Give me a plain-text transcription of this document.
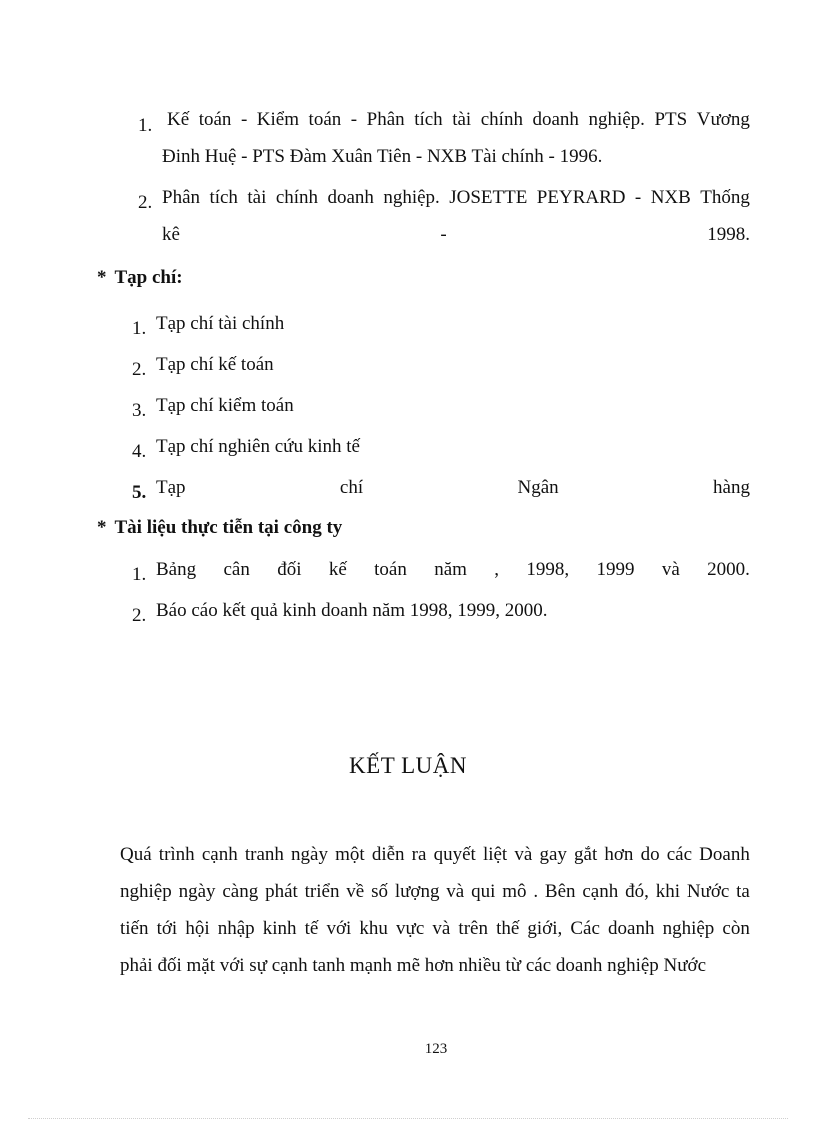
1. Kế toán - Kiểm toán - Phân tích tài chính doanh nghiệp. PTS Vương
Đinh Huệ - PTS Đàm Xuân Tiên - NXB Tài chính - 1996.
2. Phân tích tài chính doanh nghiệp. JOSETTE PEYRARD - NXB Thống
kê	-	1998.
* Tạp chí:
1. Tạp chí tài chính
2. Tạp chí kế toán
3. Tạp chí kiểm toán
4. Tạp chí nghiên cứu kinh tế
5. Tạp	chí	Ngân	hàng
* Tài liệu thực tiễn tại công ty
1. Bảng cân đối kế toán năm , 1998, 1999 và 2000.
2. Báo cáo kết quả kinh doanh năm 1998, 1999, 2000.
KẾT LUẬN
Quá trình cạnh tranh ngày một diễn ra quyết liệt và gay gắt hơn do các Doanh
nghiệp ngày càng phát triển về số lượng và qui mô . Bên cạnh đó, khi Nước ta
tiến tới hội nhập kinh tế với khu vực và trên thế giới, Các doanh nghiệp còn
phải đối mặt với sự cạnh tanh mạnh mẽ hơn nhiều từ các doanh nghiệp Nước
123
